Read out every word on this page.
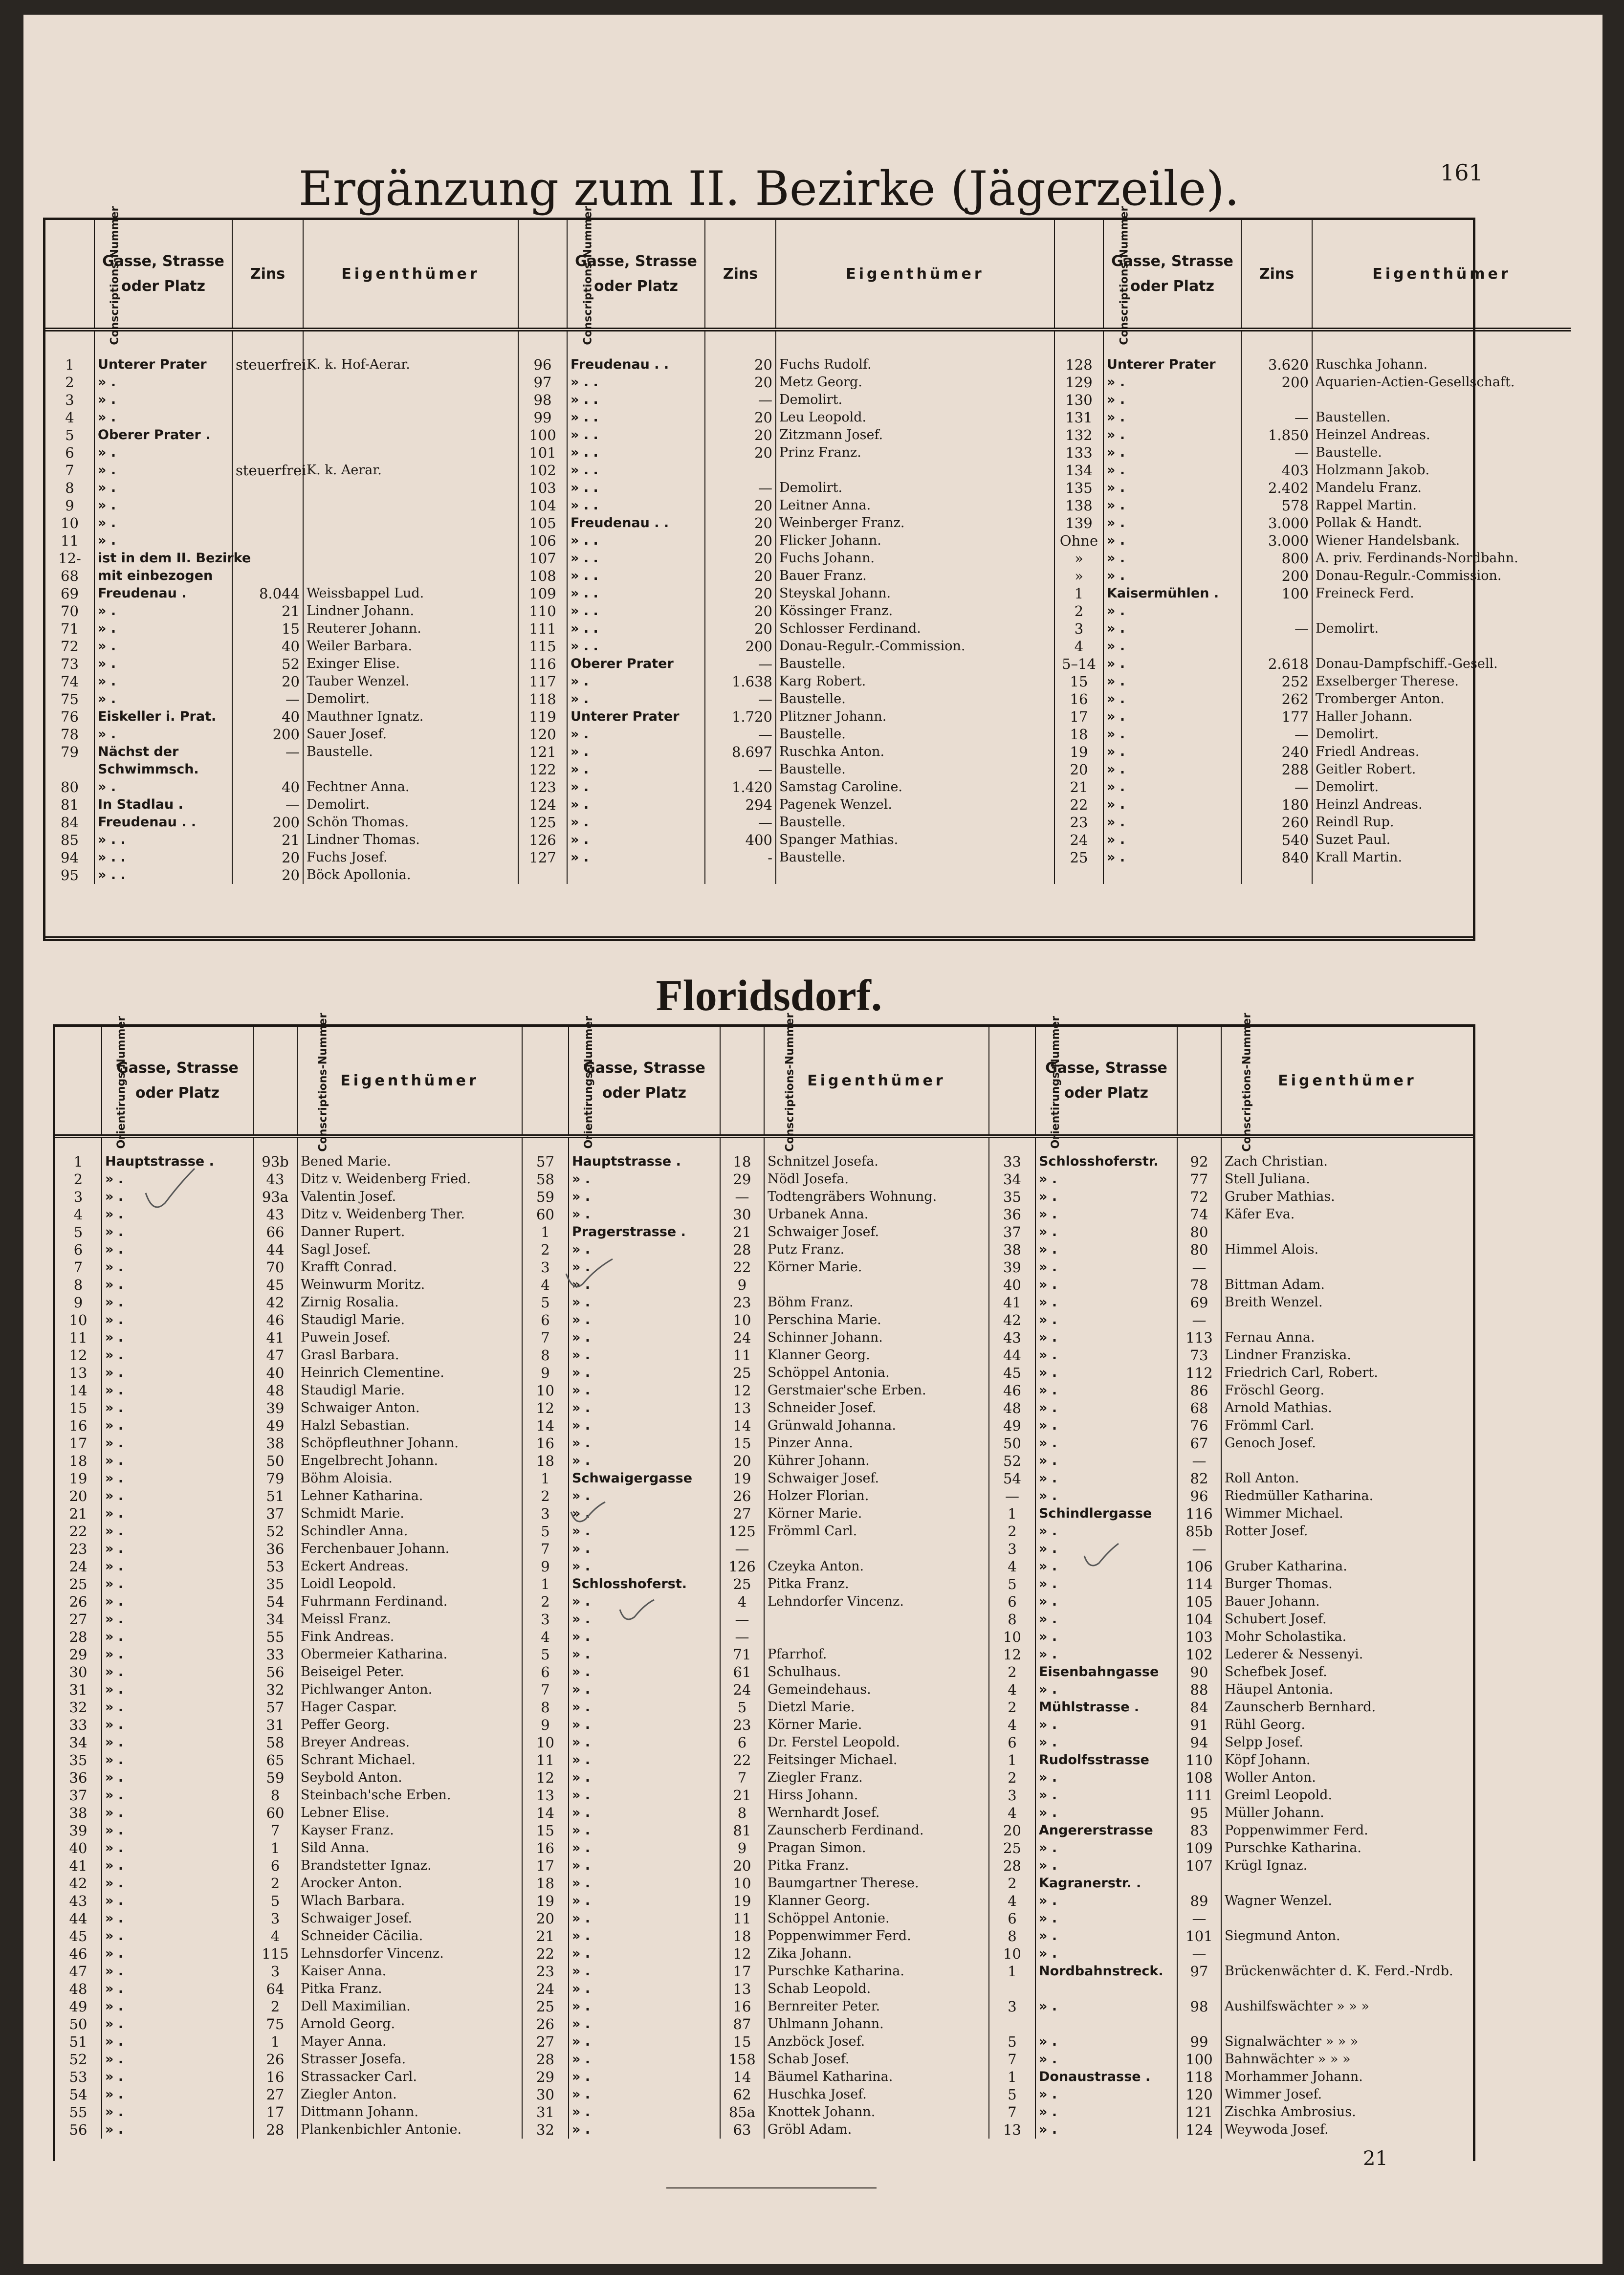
161
Ergänzung zum II. Bezirke (Jägerzeile).
Conscriptions-Nummer	Gasse, Strasse oder Platz	Zins	Eigenthümer	Conscriptions-Nummer	Gasse, Strasse oder Platz	Zins	Eigenthümer	Conscriptions-Nummer	Gasse, Strasse oder Platz	Zins	Eigenthümer

1	Unterer Prater	steuerfrei	K. k. Hof-Aerar.	96	Freudenau . .	20	Fuchs Rudolf.	128	Unterer Prater	3.620	Ruschka Johann.
2	» .			97	» . .	20	Metz Georg.	129	» .	200	Aquarien-Actien-Gesellschaft.
3	» .			98	» . .	—	Demolirt.	130	» .		
4	» .			99	» . .	20	Leu Leopold.	131	» .	—	Baustellen.
5	Oberer Prater .			100	» . .	20	Zitzmann Josef.	132	» .	1.850	Heinzel Andreas.
6	» .			101	» . .	20	Prinz Franz.	133	» .	—	Baustelle.
7	» .	steuerfrei	K. k. Aerar.	102	» . .			134	» .	403	Holzmann Jakob.
8	» .			103	» . .	—	Demolirt.	135	» .	2.402	Mandelu Franz.
9	» .			104	» . .	20	Leitner Anna.	138	» .	578	Rappel Martin.
10	» .			105	Freudenau . .	20	Weinberger Franz.	139	» .	3.000	Pollak & Handt.
11	» .			106	» . .	20	Flicker Johann.	Ohne	» .	3.000	Wiener Handelsbank.
12-	ist in dem II. Bezirke			107	» . .	20	Fuchs Johann.	»	» .	800	A. priv. Ferdinands-Nordbahn.
68	mit einbezogen			108	» . .	20	Bauer Franz.	»	» .	200	Donau-Regulr.-Commission.
69	Freudenau .	8.044	Weissbappel Lud.	109	» . .	20	Steyskal Johann.	1	Kaisermühlen .	100	Freineck Ferd.
70	» .	21	Lindner Johann.	110	» . .	20	Kössinger Franz.	2	» .		
71	» .	15	Reuterer Johann.	111	» . .	20	Schlosser Ferdinand.	3	» .	—	Demolirt.
72	» .	40	Weiler Barbara.	115	» . .	200	Donau-Regulr.-Commission.	4	» .		
73	» .	52	Exinger Elise.	116	Oberer Prater	—	Baustelle.	5–14	» .	2.618	Donau-Dampfschiff.-Gesell.
74	» .	20	Tauber Wenzel.	117	» .	1.638	Karg Robert.	15	» .	252	Exselberger Therese.
75	» .	—	Demolirt.	118	» .	—	Baustelle.	16	» .	262	Tromberger Anton.
76	Eiskeller i. Prat.	40	Mauthner Ignatz.	119	Unterer Prater	1.720	Plitzner Johann.	17	» .	177	Haller Johann.
78	» .	200	Sauer Josef.	120	» .	—	Baustelle.	18	» .	—	Demolirt.
79	Nächst der	—	Baustelle.	121	» .	8.697	Ruschka Anton.	19	» .	240	Friedl Andreas.
	Schwimmsch.			122	» .	—	Baustelle.	20	» .	288	Geitler Robert.
80	» .	40	Fechtner Anna.	123	» .	1.420	Samstag Caroline.	21	» .	—	Demolirt.
81	In Stadlau .	—	Demolirt.	124	» .	294	Pagenek Wenzel.	22	» .	180	Heinzl Andreas.
84	Freudenau . .	200	Schön Thomas.	125	» .	—	Baustelle.	23	» .	260	Reindl Rup.
85	» . .	21	Lindner Thomas.	126	» .	400	Spanger Mathias.	24	» .	540	Suzet Paul.
94	» . .	20	Fuchs Josef.	127	» .	-	Baustelle.	25	» .	840	Krall Martin.
95	» . .	20	Böck Apollonia.								
Floridsdorf.
Orientirungs-Nummer	Gasse, Strasse oder Platz	Conscriptions-Nummer	Eigenthümer	Orientirungs-Nummer	Gasse, Strasse oder Platz	Conscriptions-Nummer	Eigenthümer	Orientirungs-Nummer	Gasse, Strasse oder Platz	Conscriptions-Nummer	Eigenthümer

1	Hauptstrasse .	93b	Bened Marie.	57	Hauptstrasse .	18	Schnitzel Josefa.	33	Schlosshoferstr.	92	Zach Christian.
2	» .	43	Ditz v. Weidenberg Fried.	58	» .	29	Nödl Josefa.	34	» .	77	Stell Juliana.
3	» .	93a	Valentin Josef.	59	» .	—	Todtengräbers Wohnung.	35	» .	72	Gruber Mathias.
4	» .	43	Ditz v. Weidenberg Ther.	60	» .	30	Urbanek Anna.	36	» .	74	Käfer Eva.
5	» .	66	Danner Rupert.	1	Pragerstrasse .	21	Schwaiger Josef.	37	» .	80	
6	» .	44	Sagl Josef.	2	» .	28	Putz Franz.	38	» .	80	Himmel Alois.
7	» .	70	Krafft Conrad.	3	» .	22	Körner Marie.	39	» .	—	
8	» .	45	Weinwurm Moritz.	4	» .	9		40	» .	78	Bittman Adam.
9	» .	42	Zirnig Rosalia.	5	» .	23	Böhm Franz.	41	» .	69	Breith Wenzel.
10	» .	46	Staudigl Marie.	6	» .	10	Perschina Marie.	42	» .	—	
11	» .	41	Puwein Josef.	7	» .	24	Schinner Johann.	43	» .	113	Fernau Anna.
12	» .	47	Grasl Barbara.	8	» .	11	Klanner Georg.	44	» .	73	Lindner Franziska.
13	» .	40	Heinrich Clementine.	9	» .	25	Schöppel Antonia.	45	» .	112	Friedrich Carl, Robert.
14	» .	48	Staudigl Marie.	10	» .	12	Gerstmaier'sche Erben.	46	» .	86	Fröschl Georg.
15	» .	39	Schwaiger Anton.	12	» .	13	Schneider Josef.	48	» .	68	Arnold Mathias.
16	» .	49	Halzl Sebastian.	14	» .	14	Grünwald Johanna.	49	» .	76	Frömml Carl.
17	» .	38	Schöpfleuthner Johann.	16	» .	15	Pinzer Anna.	50	» .	67	Genoch Josef.
18	» .	50	Engelbrecht Johann.	18	» .	20	Kührer Johann.	52	» .	—	
19	» .	79	Böhm Aloisia.	1	Schwaigergasse	19	Schwaiger Josef.	54	» .	82	Roll Anton.
20	» .	51	Lehner Katharina.	2	» .	26	Holzer Florian.	—	» .	96	Riedmüller Katharina.
21	» .	37	Schmidt Marie.	3	» .	27	Körner Marie.	1	Schindlergasse	116	Wimmer Michael.
22	» .	52	Schindler Anna.	5	» .	125	Frömml Carl.	2	» .	85b	Rotter Josef.
23	» .	36	Ferchenbauer Johann.	7	» .	—		3	» .	—	
24	» .	53	Eckert Andreas.	9	» .	126	Czeyka Anton.	4	» .	106	Gruber Katharina.
25	» .	35	Loidl Leopold.	1	Schlosshoferst.	25	Pitka Franz.	5	» .	114	Burger Thomas.
26	» .	54	Fuhrmann Ferdinand.	2	» .	4	Lehndorfer Vincenz.	6	» .	105	Bauer Johann.
27	» .	34	Meissl Franz.	3	» .	—		8	» .	104	Schubert Josef.
28	» .	55	Fink Andreas.	4	» .	—		10	» .	103	Mohr Scholastika.
29	» .	33	Obermeier Katharina.	5	» .	71	Pfarrhof.	12	» .	102	Lederer & Nessenyi.
30	» .	56	Beiseigel Peter.	6	» .	61	Schulhaus.	2	Eisenbahngasse	90	Schefbek Josef.
31	» .	32	Pichlwanger Anton.	7	» .	24	Gemeindehaus.	4	» .	88	Häupel Antonia.
32	» .	57	Hager Caspar.	8	» .	5	Dietzl Marie.	2	Mühlstrasse .	84	Zaunscherb Bernhard.
33	» .	31	Peffer Georg.	9	» .	23	Körner Marie.	4	» .	91	Rühl Georg.
34	» .	58	Breyer Andreas.	10	» .	6	Dr. Ferstel Leopold.	6	» .	94	Selpp Josef.
35	» .	65	Schrant Michael.	11	» .	22	Feitsinger Michael.	1	Rudolfsstrasse	110	Köpf Johann.
36	» .	59	Seybold Anton.	12	» .	7	Ziegler Franz.	2	» .	108	Woller Anton.
37	» .	8	Steinbach'sche Erben.	13	» .	21	Hirss Johann.	3	» .	111	Greiml Leopold.
38	» .	60	Lebner Elise.	14	» .	8	Wernhardt Josef.	4	» .	95	Müller Johann.
39	» .	7	Kayser Franz.	15	» .	81	Zaunscherb Ferdinand.	20	Angererstrasse	83	Poppenwimmer Ferd.
40	» .	1	Sild Anna.	16	» .	9	Pragan Simon.	25	» .	109	Purschke Katharina.
41	» .	6	Brandstetter Ignaz.	17	» .	20	Pitka Franz.	28	» .	107	Krügl Ignaz.
42	» .	2	Arocker Anton.	18	» .	10	Baumgartner Therese.	2	Kagranerstr. .		
43	» .	5	Wlach Barbara.	19	» .	19	Klanner Georg.	4	» .	89	Wagner Wenzel.
44	» .	3	Schwaiger Josef.	20	» .	11	Schöppel Antonie.	6	» .	—	
45	» .	4	Schneider Cäcilia.	21	» .	18	Poppenwimmer Ferd.	8	» .	101	Siegmund Anton.
46	» .	115	Lehnsdorfer Vincenz.	22	» .	12	Zika Johann.	10	» .	—	
47	» .	3	Kaiser Anna.	23	» .	17	Purschke Katharina.	1	Nordbahnstreck.	97	Brückenwächter d. K. Ferd.-Nrdb.
48	» .	64	Pitka Franz.	24	» .	13	Schab Leopold.				
49	» .	2	Dell Maximilian.	25	» .	16	Bernreiter Peter.	3	» .	98	Aushilfswächter » » »
50	» .	75	Arnold Georg.	26	» .	87	Uhlmann Johann.				
51	» .	1	Mayer Anna.	27	» .	15	Anzböck Josef.	5	» .	99	Signalwächter » » »
52	» .	26	Strasser Josefa.	28	» .	158	Schab Josef.	7	» .	100	Bahnwächter » » »
53	» .	16	Strassacker Carl.	29	» .	14	Bäumel Katharina.	1	Donaustrasse .	118	Morhammer Johann.
54	» .	27	Ziegler Anton.	30	» .	62	Huschka Josef.	5	» .	120	Wimmer Josef.
55	» .	17	Dittmann Johann.	31	» .	85a	Knottek Johann.	7	» .	121	Zischka Ambrosius.
56	» .	28	Plankenbichler Antonie.	32	» .	63	Gröbl Adam.	13	» .	124	Weywoda Josef.
21
